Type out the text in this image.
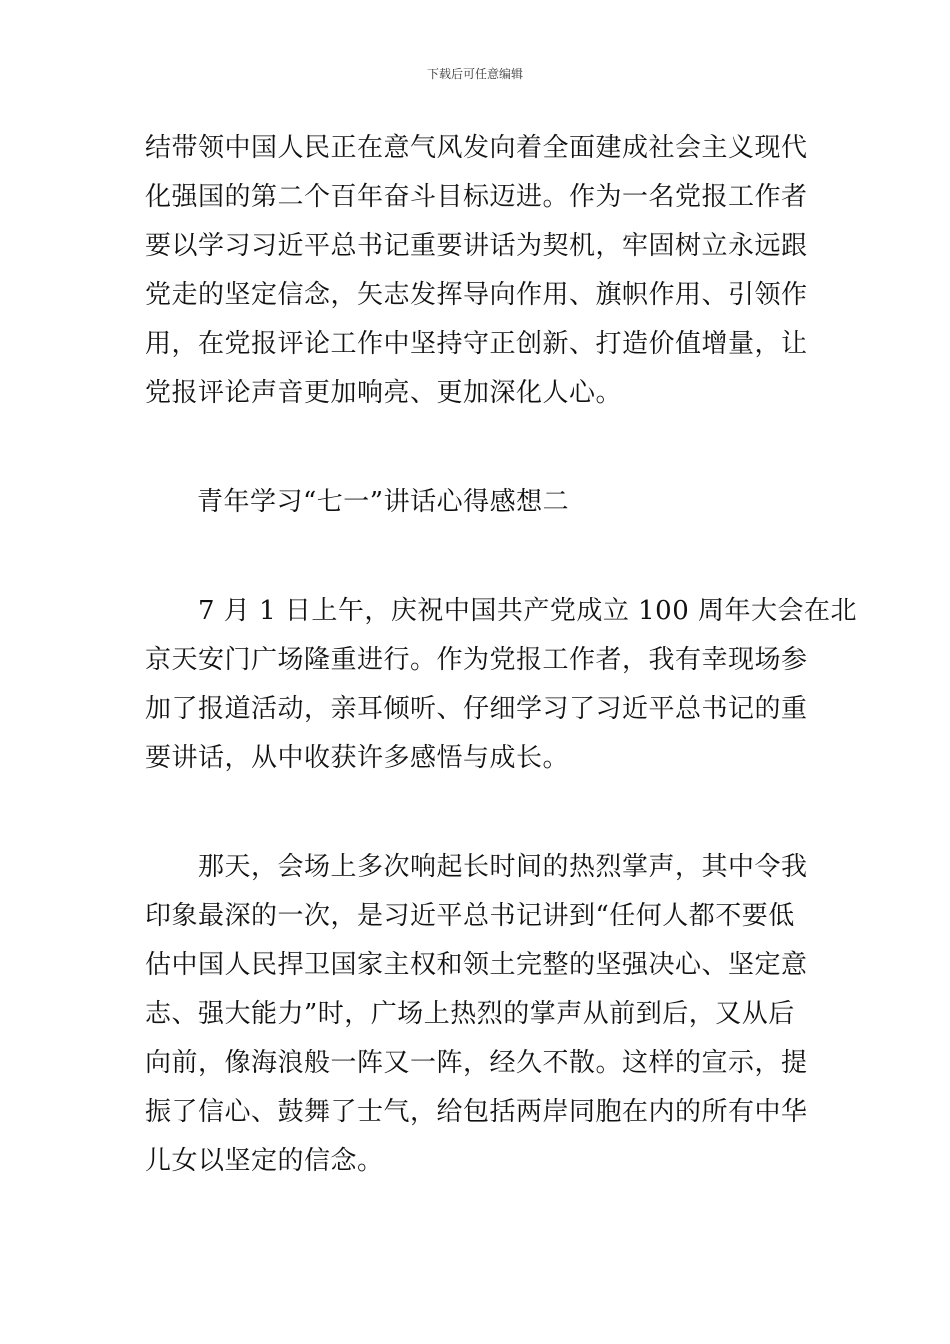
下载后可任意编辑

结带领中国人民正在意气风发向着全面建成社会主义现代
化强国的第二个百年奋斗目标迈进。作为一名党报工作者
要以学习习近平总书记重要讲话为契机，牢固树立永远跟
党走的坚定信念，矢志发挥导向作用、旗帜作用、引领作
用，在党报评论工作中坚持守正创新、打造价值增量，让
党报评论声音更加响亮、更加深化人心。

青年学习“七一”讲话心得感想二

　　7 月 1 日上午，庆祝中国共产党成立 100 周年大会在北
京天安门广场隆重进行。作为党报工作者，我有幸现场参
加了报道活动，亲耳倾听、仔细学习了习近平总书记的重
要讲话，从中收获许多感悟与成长。

　　那天，会场上多次响起长时间的热烈掌声，其中令我
印象最深的一次，是习近平总书记讲到“任何人都不要低
估中国人民捍卫国家主权和领土完整的坚强决心、坚定意
志、强大能力”时，广场上热烈的掌声从前到后，又从后
向前，像海浪般一阵又一阵，经久不散。这样的宣示，提
振了信心、鼓舞了士气，给包括两岸同胞在内的所有中华
儿女以坚定的信念。
